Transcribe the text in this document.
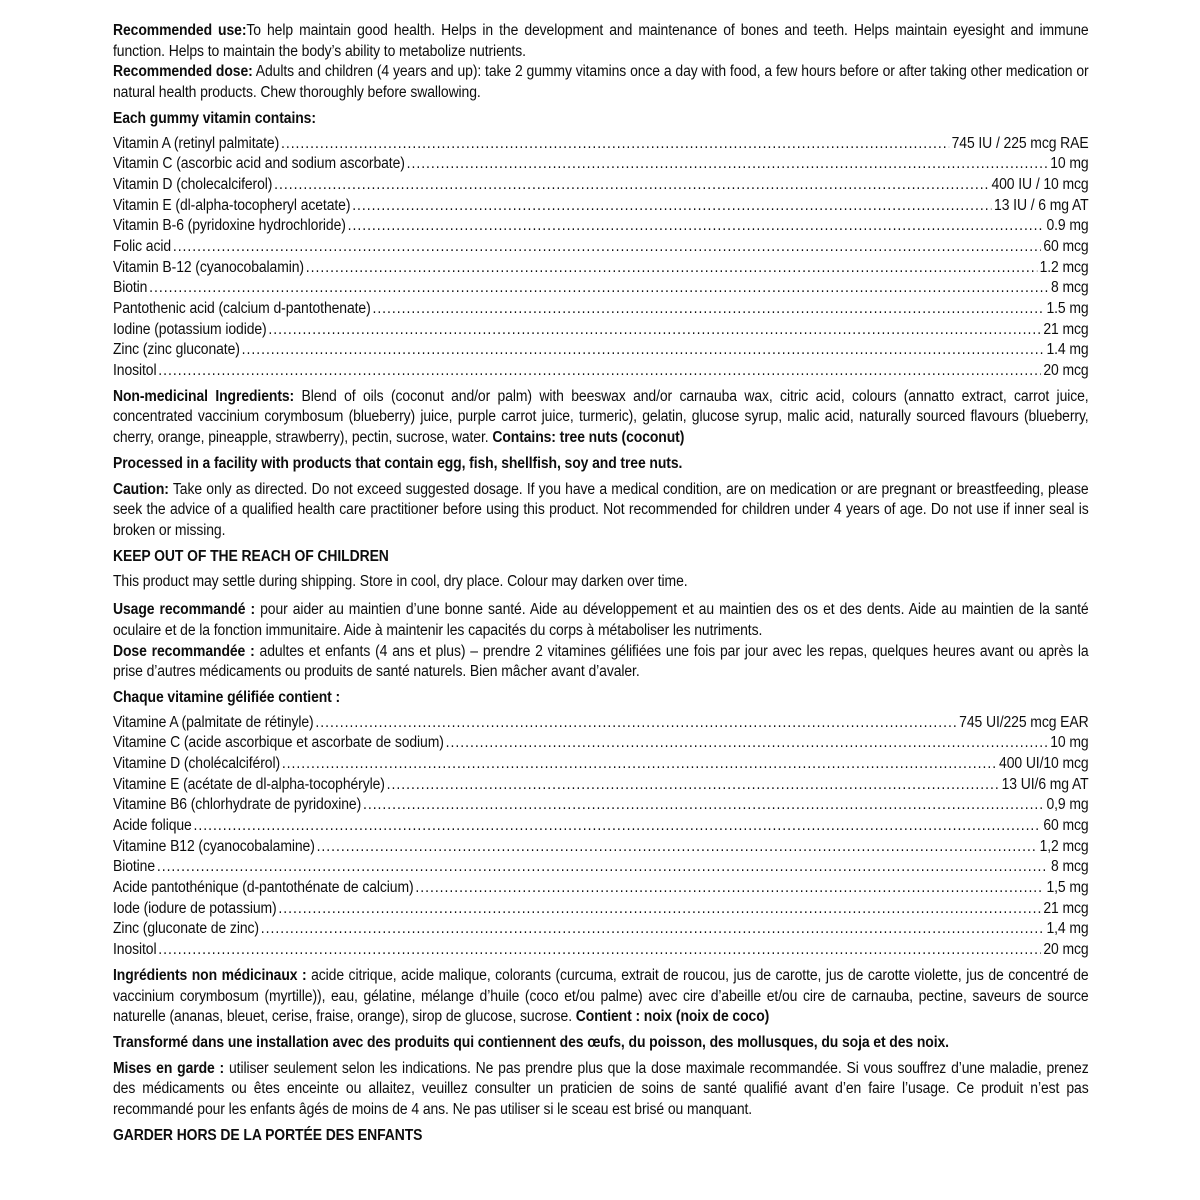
Recommended use:To help maintain good health. Helps in the development and maintenance of bones and teeth. Helps maintain eyesight and immune function. Helps to maintain the body’s ability to metabolize nutrients.

Recommended dose: Adults and children (4 years and up): take 2 gummy vitamins once a day with food, a few hours before or after taking other medication or natural health products. Chew thoroughly before swallowing.

Each gummy vitamin contains:
Vitamin A (retinyl palmitate) .....	745 IU / 225 mcg RAE
Vitamin C (ascorbic acid and sodium ascorbate) .....	10 mg
Vitamin D (cholecalciferol) .....	400 IU / 10 mcg
Vitamin E (dl-alpha-tocopheryl acetate) .....	13 IU / 6 mg AT
Vitamin B-6 (pyridoxine hydrochloride) .....	0.9 mg
Folic acid .....	60 mcg
Vitamin B-12 (cyanocobalamin) .....	1.2 mcg
Biotin .....	8 mcg
Pantothenic acid (calcium d-pantothenate) .....	1.5 mg
Iodine (potassium iodide) .....	21 mcg
Zinc (zinc gluconate) .....	1.4 mg
Inositol .....	20 mcg

Non-medicinal Ingredients: Blend of oils (coconut and/or palm) with beeswax and/or carnauba wax, citric acid, colours (annatto extract, carrot juice, concentrated vaccinium corymbosum (blueberry) juice, purple carrot juice, turmeric), gelatin, glucose syrup, malic acid, naturally sourced flavours (blueberry, cherry, orange, pineapple, strawberry), pectin, sucrose, water. Contains: tree nuts (coconut)

Processed in a facility with products that contain egg, fish, shellfish, soy and tree nuts.

Caution: Take only as directed. Do not exceed suggested dosage. If you have a medical condition, are on medication or are pregnant or breastfeeding, please seek the advice of a qualified health care practitioner before using this product. Not recommended for children under 4 years of age. Do not use if inner seal is broken or missing.

KEEP OUT OF THE REACH OF CHILDREN

This product may settle during shipping. Store in cool, dry place. Colour may darken over time.

Usage recommandé : pour aider au maintien d’une bonne santé. Aide au développement et au maintien des os et des dents. Aide au maintien de la santé oculaire et de la fonction immunitaire. Aide à maintenir les capacités du corps à métaboliser les nutriments.

Dose recommandée : adultes et enfants (4 ans et plus) – prendre 2 vitamines gélifiées une fois par jour avec les repas, quelques heures avant ou après la prise d’autres médicaments ou produits de santé naturels. Bien mâcher avant d’avaler.

Chaque vitamine gélifiée contient :
Vitamine A (palmitate de rétinyle) .....	745 UI/225 mcg EAR
Vitamine C (acide ascorbique et ascorbate de sodium) .....	10 mg
Vitamine D (cholécalciférol) .....	400 UI/10 mcg
Vitamine E (acétate de dl-alpha-tocophéryle) .....	13 UI/6 mg AT
Vitamine B6 (chlorhydrate de pyridoxine) .....	0,9 mg
Acide folique .....	60 mcg
Vitamine B12 (cyanocobalamine) .....	1,2 mcg
Biotine .....	8 mcg
Acide pantothénique (d-pantothénate de calcium) .....	1,5 mg
Iode (iodure de potassium) .....	21 mcg
Zinc (gluconate de zinc) .....	1,4 mg
Inositol .....	20 mcg

Ingrédients non médicinaux : acide citrique, acide malique, colorants (curcuma, extrait de roucou, jus de carotte, jus de carotte violette, jus de concentré de vaccinium corymbosum (myrtille)), eau, gélatine, mélange d’huile (coco et/ou palme) avec cire d’abeille et/ou cire de carnauba, pectine, saveurs de source naturelle (ananas, bleuet, cerise, fraise, orange), sirop de glucose, sucrose. Contient : noix (noix de coco)

Transformé dans une installation avec des produits qui contiennent des œufs, du poisson, des mollusques, du soja et des noix.

Mises en garde : utiliser seulement selon les indications. Ne pas prendre plus que la dose maximale recommandée. Si vous souffrez d’une maladie, prenez des médicaments ou êtes enceinte ou allaitez, veuillez consulter un praticien de soins de santé qualifié avant d’en faire l’usage. Ce produit n’est pas recommandé pour les enfants âgés de moins de 4 ans. Ne pas utiliser si le sceau est brisé ou manquant.

GARDER HORS DE LA PORTÉE DES ENFANTS
